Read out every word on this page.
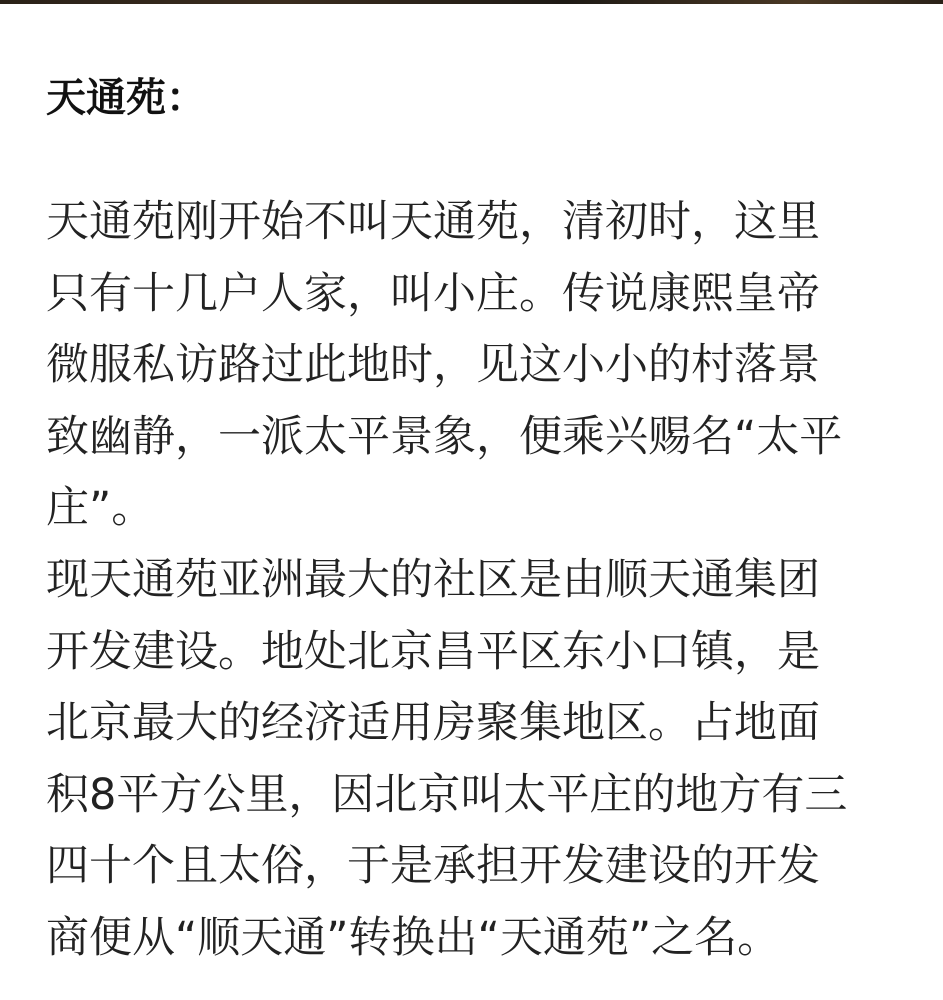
天通苑：

天通苑刚开始不叫天通苑，清初时，这里
只有十几户人家，叫小庄。传说康熙皇帝
微服私访路过此地时，见这小小的村落景
致幽静，一派太平景象，便乘兴赐名“太平
庄”。

现天通苑亚洲最大的社区是由顺天通集团
开发建设。地处北京昌平区东小口镇，是
北京最大的经济适用房聚集地区。占地面
积8平方公里，因北京叫太平庄的地方有三
四十个且太俗，于是承担开发建设的开发
商便从“顺天通”转换出“天通苑”之名。
